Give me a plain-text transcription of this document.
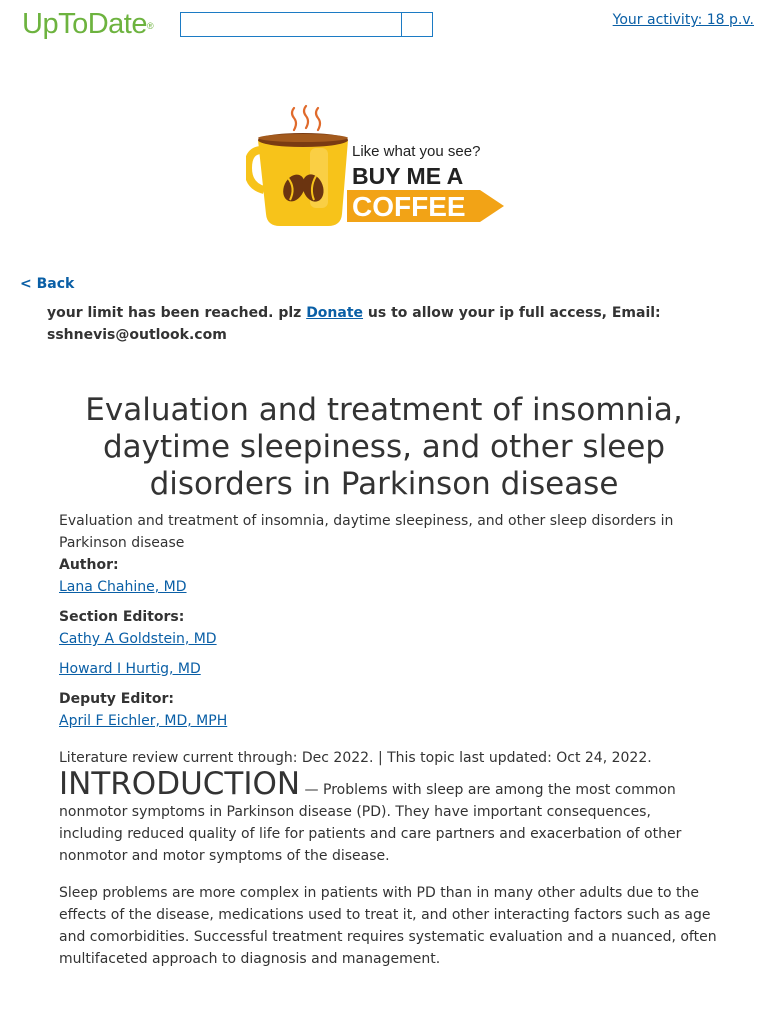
UpToDate®	Your activity: 18 p.v.
Like what you see?
BUY ME A
COFFEE
< Back
your limit has been reached. plz Donate us to allow your ip full access, Email: sshnevis@outlook.com
Evaluation and treatment of insomnia, daytime sleepiness, and other sleep disorders in Parkinson disease

Evaluation and treatment of insomnia, daytime sleepiness, and other sleep disorders in Parkinson disease

Author:

Lana Chahine, MD

Section Editors:

Cathy A Goldstein, MD

Howard I Hurtig, MD

Deputy Editor:

April F Eichler, MD, MPH

Literature review current through: Dec 2022. | This topic last updated: Oct 24, 2022.

INTRODUCTION — Problems with sleep are among the most common nonmotor symptoms in Parkinson disease (PD). They have important consequences, including reduced quality of life for patients and care partners and exacerbation of other nonmotor and motor symptoms of the disease.

Sleep problems are more complex in patients with PD than in many other adults due to the effects of the disease, medications used to treat it, and other interacting factors such as age and comorbidities. Successful treatment requires systematic evaluation and a nuanced, often multifaceted approach to diagnosis and management.
